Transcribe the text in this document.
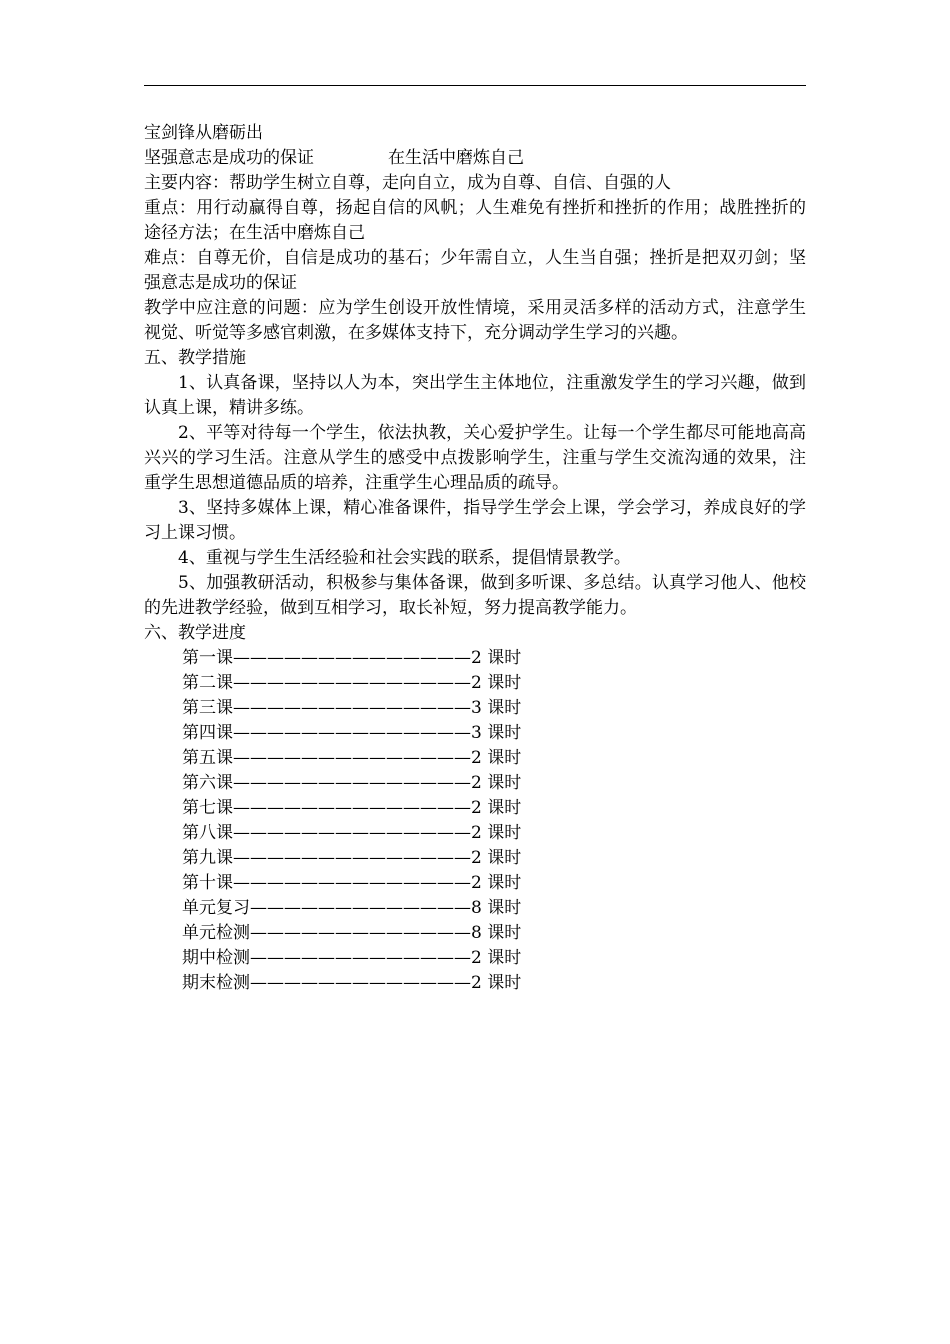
宝剑锋从磨砺出
坚强意志是成功的保证	在生活中磨炼自己
主要内容：帮助学生树立自尊，走向自立，成为自尊、自信、自强的人
重点：用行动赢得自尊，扬起自信的风帆；人生难免有挫折和挫折的作用；战胜挫折的途径方法；在生活中磨炼自己
难点：自尊无价，自信是成功的基石；少年需自立，人生当自强；挫折是把双刃剑；坚强意志是成功的保证
教学中应注意的问题：应为学生创设开放性情境，采用灵活多样的活动方式，注意学生视觉、听觉等多感官刺激，在多媒体支持下，充分调动学生学习的兴趣。
五、教学措施
1、认真备课，坚持以人为本，突出学生主体地位，注重激发学生的学习兴趣，做到认真上课，精讲多练。
2、平等对待每一个学生，依法执教，关心爱护学生。让每一个学生都尽可能地高高兴兴的学习生活。注意从学生的感受中点拨影响学生，注重与学生交流沟通的效果，注重学生思想道德品质的培养，注重学生心理品质的疏导。
3、坚持多媒体上课，精心准备课件，指导学生学会上课，学会学习，养成良好的学习上课习惯。
4、重视与学生生活经验和社会实践的联系，提倡情景教学。
5、加强教研活动，积极参与集体备课，做到多听课、多总结。认真学习他人、他校的先进教学经验，做到互相学习，取长补短，努力提高教学能力。
六、教学进度
第一课——————————————2 课时
第二课——————————————2 课时
第三课——————————————3 课时
第四课——————————————3 课时
第五课——————————————2 课时
第六课——————————————2 课时
第七课——————————————2 课时
第八课——————————————2 课时
第九课——————————————2 课时
第十课——————————————2 课时
单元复习—————————————8 课时
单元检测—————————————8 课时
期中检测—————————————2 课时
期末检测—————————————2 课时
